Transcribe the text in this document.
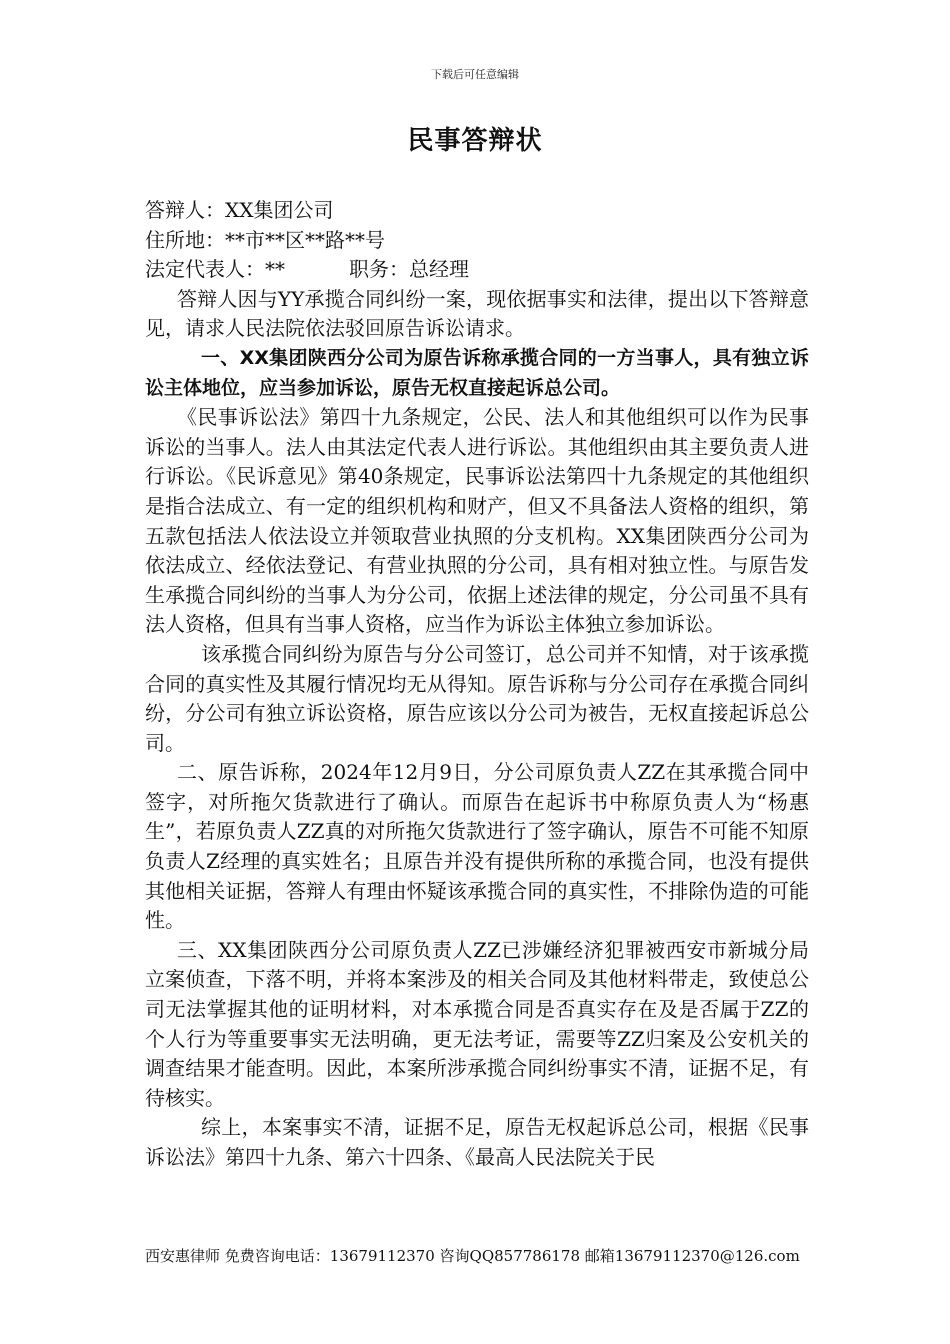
下载后可任意编辑
民事答辩状

答辩人：XX集团公司

住所地：**市**区**路**号

法定代表人：**	职务：总经理

答辩人因与YY承揽合同纠纷一案，现依据事实和法律，提出以下答辩意见，请求人民法院依法驳回原告诉讼请求。

一、XX集团陕西分公司为原告诉称承揽合同的一方当事人，具有独立诉讼主体地位，应当参加诉讼，原告无权直接起诉总公司。

《民事诉讼法》第四十九条规定，公民、法人和其他组织可以作为民事诉讼的当事人。法人由其法定代表人进行诉讼。其他组织由其主要负责人进行诉讼。《民诉意见》第40条规定，民事诉讼法第四十九条规定的其他组织是指合法成立、有一定的组织机构和财产，但又不具备法人资格的组织，第五款包括法人依法设立并领取营业执照的分支机构。XX集团陕西分公司为依法成立、经依法登记、有营业执照的分公司，具有相对独立性。与原告发生承揽合同纠纷的当事人为分公司，依据上述法律的规定，分公司虽不具有法人资格，但具有当事人资格，应当作为诉讼主体独立参加诉讼。

该承揽合同纠纷为原告与分公司签订，总公司并不知情，对于该承揽合同的真实性及其履行情况均无从得知。原告诉称与分公司存在承揽合同纠纷，分公司有独立诉讼资格，原告应该以分公司为被告，无权直接起诉总公司。

二、原告诉称，2024年12月9日，分公司原负责人ZZ在其承揽合同中签字，对所拖欠货款进行了确认。而原告在起诉书中称原负责人为“杨惠生”，若原负责人ZZ真的对所拖欠货款进行了签字确认，原告不可能不知原负责人Z经理的真实姓名；且原告并没有提供所称的承揽合同，也没有提供其他相关证据，答辩人有理由怀疑该承揽合同的真实性，不排除伪造的可能性。

三、XX集团陕西分公司原负责人ZZ已涉嫌经济犯罪被西安市新城分局立案侦查，下落不明，并将本案涉及的相关合同及其他材料带走，致使总公司无法掌握其他的证明材料，对本承揽合同是否真实存在及是否属于ZZ的个人行为等重要事实无法明确，更无法考证，需要等ZZ归案及公安机关的调查结果才能查明。因此，本案所涉承揽合同纠纷事实不清，证据不足，有待核实。

综上，本案事实不清，证据不足，原告无权起诉总公司，根据《民事诉讼法》第四十九条、第六十四条、《最高人民法院关于民

西安惠律师 免费咨询电话：13679112370 咨询QQ857786178 邮箱13679112370@126.com
